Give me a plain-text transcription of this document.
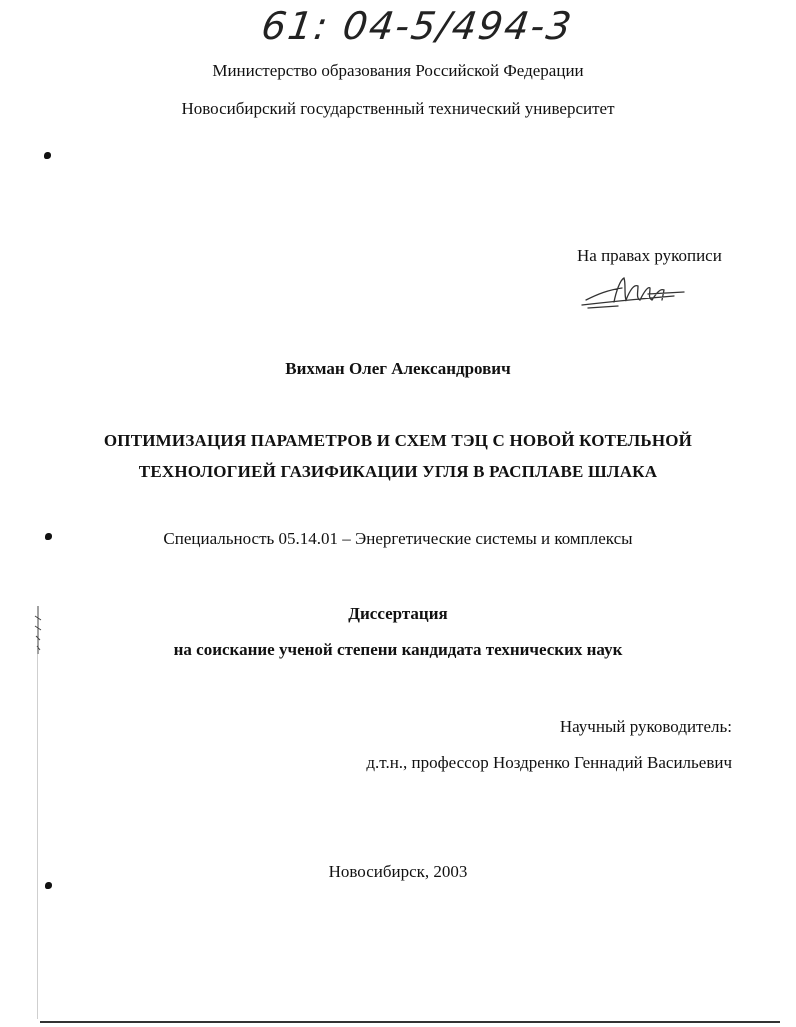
61: 04-5/494-3
Министерство образования Российской Федерации
Новосибирский государственный технический университет
На правах рукописи
Вихман Олег Александрович
ОПТИМИЗАЦИЯ ПАРАМЕТРОВ И СХЕМ ТЭЦ С НОВОЙ КОТЕЛЬНОЙ
ТЕХНОЛОГИЕЙ ГАЗИФИКАЦИИ УГЛЯ В РАСПЛАВЕ ШЛАКА
Специальность 05.14.01 – Энергетические системы и комплексы
Диссертация
на соискание ученой степени кандидата технических наук
Научный руководитель:
д.т.н., профессор Ноздренко Геннадий Васильевич
Новосибирск, 2003
